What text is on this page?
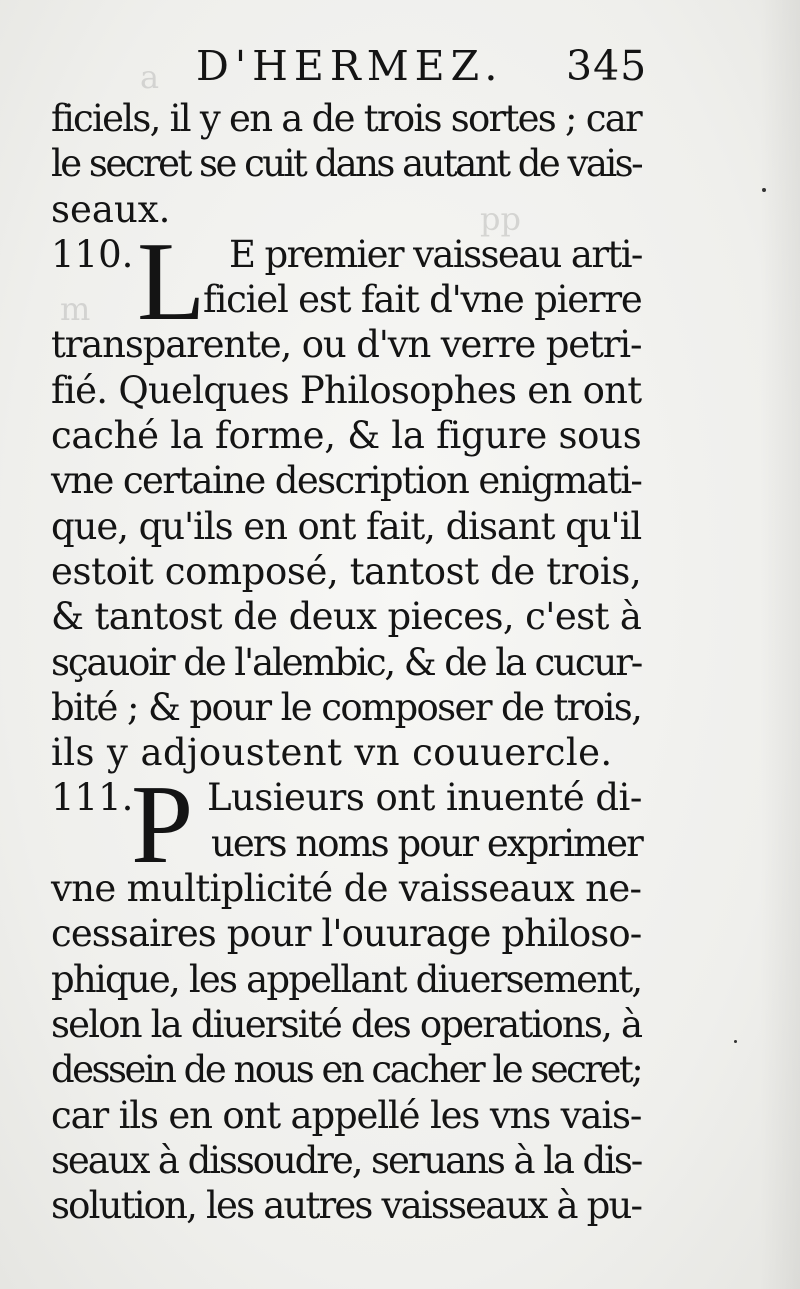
a
pp
m
D'HERMEZ. 345
ficiels, il y en a de trois sortes ; car
le secret se cuit dans autant de vais-
seaux.
110. L E premier vaisseau arti-
ficiel est fait d'vne pierre
transparente, ou d'vn verre petri-
fié. Quelques Philosophes en ont
caché la forme, & la figure sous
vne certaine description enigmati-
que, qu'ils en ont fait, disant qu'il
estoit composé, tantost de trois,
& tantost de deux pieces, c'est à
sçauoir de l'alembic, & de la cucur-
bité ; & pour le composer de trois,
ils y adjoustent vn couuercle.
111.
P Lusieurs ont inuenté di-
uers noms pour exprimer
vne multiplicité de vaisseaux ne-
cessaires pour l'ouurage philoso-
phique, les appellant diuersement,
selon la diuersité des operations, à
dessein de nous en cacher le secret;
car ils en ont appellé les vns vais-
seaux à dissoudre, seruans à la dis-
solution, les autres vaisseaux à pu-
